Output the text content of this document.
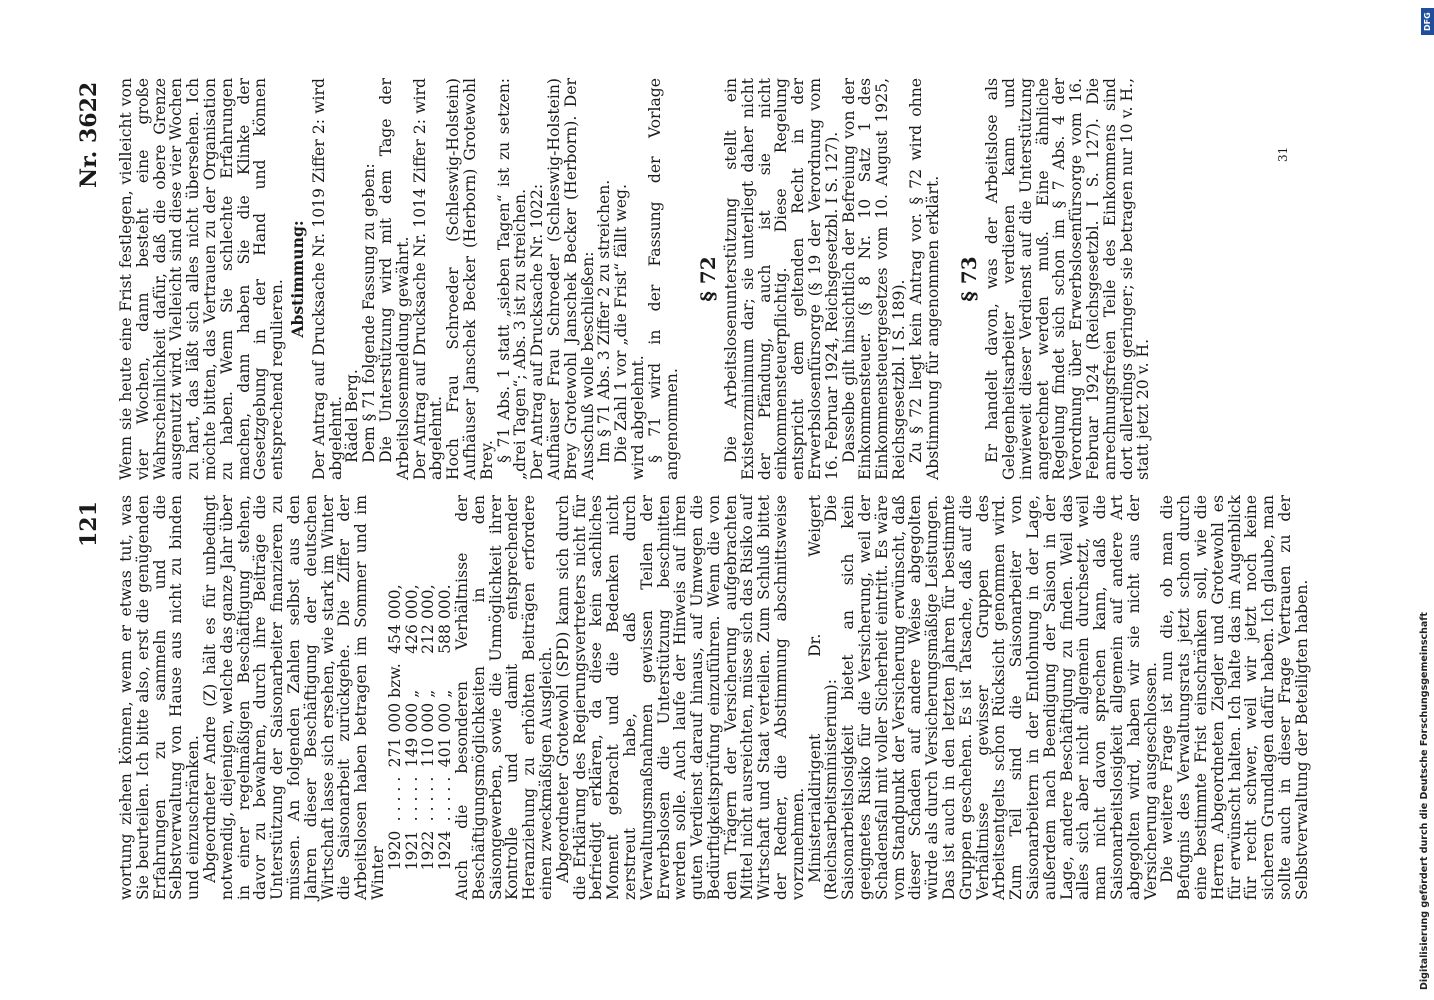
121
Nr. 3622

wortung ziehen können, wenn er etwas tut, was Sie beurteilen. Ich bitte also, erst die genügenden Erfahrungen zu sammeln und die Selbstverwaltung von Hause aus nicht zu binden und einzuschränken.

Abgeordneter Andre (Z) hält es für unbedingt notwendig, diejenigen, welche das ganze Jahr über in einer regelmäßigen Beschäftigung stehen, davor zu bewahren, durch ihre Beiträge die Unterstützung der Saisonarbeiter finanzieren zu müssen. An folgenden Zahlen selbst aus den Jahren dieser Beschäftigung der deutschen Wirtschaft lasse sich ersehen, wie stark im Winter die Saisonarbeit zurückgehe. Die Ziffer der Arbeitslosen haben betragen im Sommer und im Winter

1920	. . . . .	271 000 bzw.	454 000,
1921	. . . . .	149 000 „	426 000,
1922	. . . . .	110 000 „	212 000,
1924	. . . . .	401 000 „	588 000.

Auch die besonderen Verhältnisse der Beschäftigungsmöglichkeiten in den Saisongewerben, sowie die Unmöglichkeit ihrer Kontrolle und damit entsprechender Heranziehung zu erhöhten Beiträgen erfordere einen zweckmäßigen Ausgleich.

Abgeordneter Grotewohl (SPD) kann sich durch die Erklärung des Regierungsvertreters nicht für befriedigt erklären, da diese kein sachliches Moment gebracht und die Bedenken nicht zerstreut habe, daß durch Verwaltungsmaßnahmen gewissen Teilen der Erwerbslosen die Unterstützung beschnitten werden solle. Auch laufe der Hinweis auf ihren guten Verdienst darauf hinaus, auf Umwegen die Bedürftigkeitsprüfung einzuführen. Wenn die von den Trägern der Versicherung aufgebrachten Mittel nicht ausreichten, müsse sich das Risiko auf Wirtschaft und Staat verteilen. Zum Schluß bittet der Redner, die Abstimmung abschnittsweise vorzunehmen.

Ministerialdirigent Dr. Weigert (Reichsarbeitsministerium): Die Saisonarbeitslosigkeit bietet an sich kein geeignetes Risiko für die Versicherung, weil der Schadensfall mit voller Sicherheit eintritt. Es wäre vom Standpunkt der Versicherung erwünscht, daß dieser Schaden auf andere Weise abgegolten würde als durch Versicherungsmäßige Leistungen. Das ist auch in den letzten Jahren für bestimmte Gruppen geschehen. Es ist Tatsache, daß auf die Verhältnisse gewisser Gruppen des Arbeitsentgelts schon Rücksicht genommen wird. Zum Teil sind die Saisonarbeiter von Saisonarbeitern in der Entlohnung in der Lage, außerdem nach Beendigung der Saison in der Lage, andere Beschäftigung zu finden. Weil das alles sich aber nicht allgemein durchsetzt, weil man nicht davon sprechen kann, daß die Saisonarbeitslosigkeit allgemein auf andere Art abgegolten wird, haben wir sie nicht aus der Versicherung ausgeschlossen.

Die weitere Frage ist nun die, ob man die Befugnis des Verwaltungsrats jetzt schon durch eine bestimmte Frist einschränken soll, wie die Herren Abgeordneten Ziegler und Grotewohl es für erwünscht halten. Ich halte das im Augenblick für recht schwer, weil wir jetzt noch keine sicheren Grundlagen dafür haben. Ich glaube, man sollte auch in dieser Frage Vertrauen zu der Selbstverwaltung der Beteiligten haben.

Wenn sie heute eine Frist festlegen, vielleicht von vier Wochen, dann besteht eine große Wahrscheinlichkeit dafür, daß die obere Grenze ausgenutzt wird. Vielleicht sind diese vier Wochen zu hart, das läßt sich alles nicht übersehen. Ich möchte bitten, das Vertrauen zu der Organisation zu haben. Wenn Sie schlechte Erfahrungen machen, dann haben Sie die Klinke der Gesetzgebung in der Hand und können entsprechend regulieren.

Abstimmung: Der Antrag auf Drucksache Nr. 1019 Ziffer 2: wird abgelehnt.

Rädel Berg.

Dem § 71 folgende Fassung zu geben:

Die Unterstützung wird mit dem Tage der Arbeitslosenmeldung gewährt.

Der Antrag auf Drucksache Nr. 1014 Ziffer 2: wird abgelehnt.

Hoch Frau Schroeder (Schleswig-Holstein) Aufhäuser Janschek Becker (Herborn) Grotewohl Brey.

§ 71 Abs. 1 statt „sieben Tagen“ ist zu setzen: „drei Tagen“; Abs. 3 ist zu streichen.

Der Antrag auf Drucksache Nr. 1022:

Aufhäuser Frau Schroeder (Schleswig-Holstein) Brey Grotewohl Janschek Becker (Herborn). Der Ausschuß wolle beschließen:

Im § 71 Abs. 3 Ziffer 2 zu streichen.

Die Zahl 1 vor „die Frist“ fällt weg.

wird abgelehnt.

§ 71 wird in der Fassung der Vorlage angenommen.

§ 72 Die Arbeitslosenunterstützung stellt ein Existenzminimum dar; sie unterliegt daher nicht der Pfändung, auch ist sie nicht einkommensteuerpflichtig. Diese Regelung entspricht dem geltenden Recht in der Erwerbslosenfürsorge (§ 19 der Verordnung vom 16. Februar 1924, Reichsgesetzbl. I S. 127).

Dasselbe gilt hinsichtlich der Befreiung von der Einkommensteuer. (§ 8 Nr. 10 Satz 1 des Einkommensteuergesetzes vom 10. August 1925, Reichsgesetzbl. I S. 189).

Zu § 72 liegt kein Antrag vor. § 72 wird ohne Abstimmung für angenommen erklärt. § 73 Er handelt davon, was der Arbeitslose als Gelegenheitsarbeiter verdienen kann und inwieweit dieser Verdienst auf die Unterstützung angerechnet werden muß. Eine ähnliche Regelung findet sich schon im § 7 Abs. 4 der Verordnung über Erwerbslosenfürsorge vom 16. Februar 1924 (Reichsgesetzbl. I S. 127). Die anrechnungsfreien Teile des Einkommens sind dort allerdings geringer; sie betragen nur 10 v. H., statt jetzt 20 v. H.

31
Digitalisierung gefördert durch die Deutsche Forschungsgemeinschaft
DFG
